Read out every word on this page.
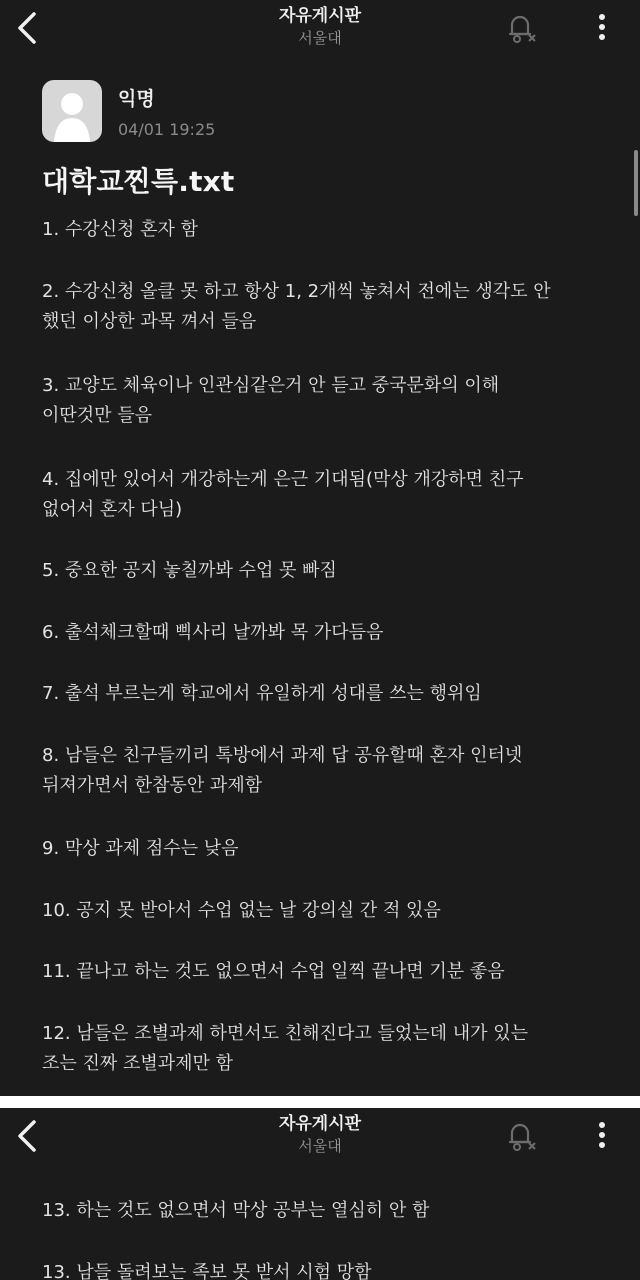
자유게시판
서울대
익명
04/01 19:25
대학교찐특.txt
1. 수강신청 혼자 함
2. 수강신청 올클 못 하고 항상 1, 2개씩 놓쳐서 전에는 생각도 안
했던 이상한 과목 껴서 들음
3. 교양도 체육이나 인관심같은거 안 듣고 중국문화의 이해
이딴것만 들음
4. 집에만 있어서 개강하는게 은근 기대됨(막상 개강하면 친구
없어서 혼자 다님)
5. 중요한 공지 놓칠까봐 수업 못 빠짐
6. 출석체크할때 삑사리 날까봐 목 가다듬음
7. 출석 부르는게 학교에서 유일하게 성대를 쓰는 행위임
8. 남들은 친구들끼리 톡방에서 과제 답 공유할때 혼자 인터넷
뒤져가면서 한참동안 과제함
9. 막상 과제 점수는 낮음
10. 공지 못 받아서 수업 없는 날 강의실 간 적 있음
11. 끝나고 하는 것도 없으면서 수업 일찍 끝나면 기분 좋음
12. 남들은 조별과제 하면서도 친해진다고 들었는데 내가 있는
조는 진짜 조별과제만 함
자유게시판
서울대
13. 하는 것도 없으면서 막상 공부는 열심히 안 함
13. 남들 돌려보는 족보 못 받서 시험 망함
